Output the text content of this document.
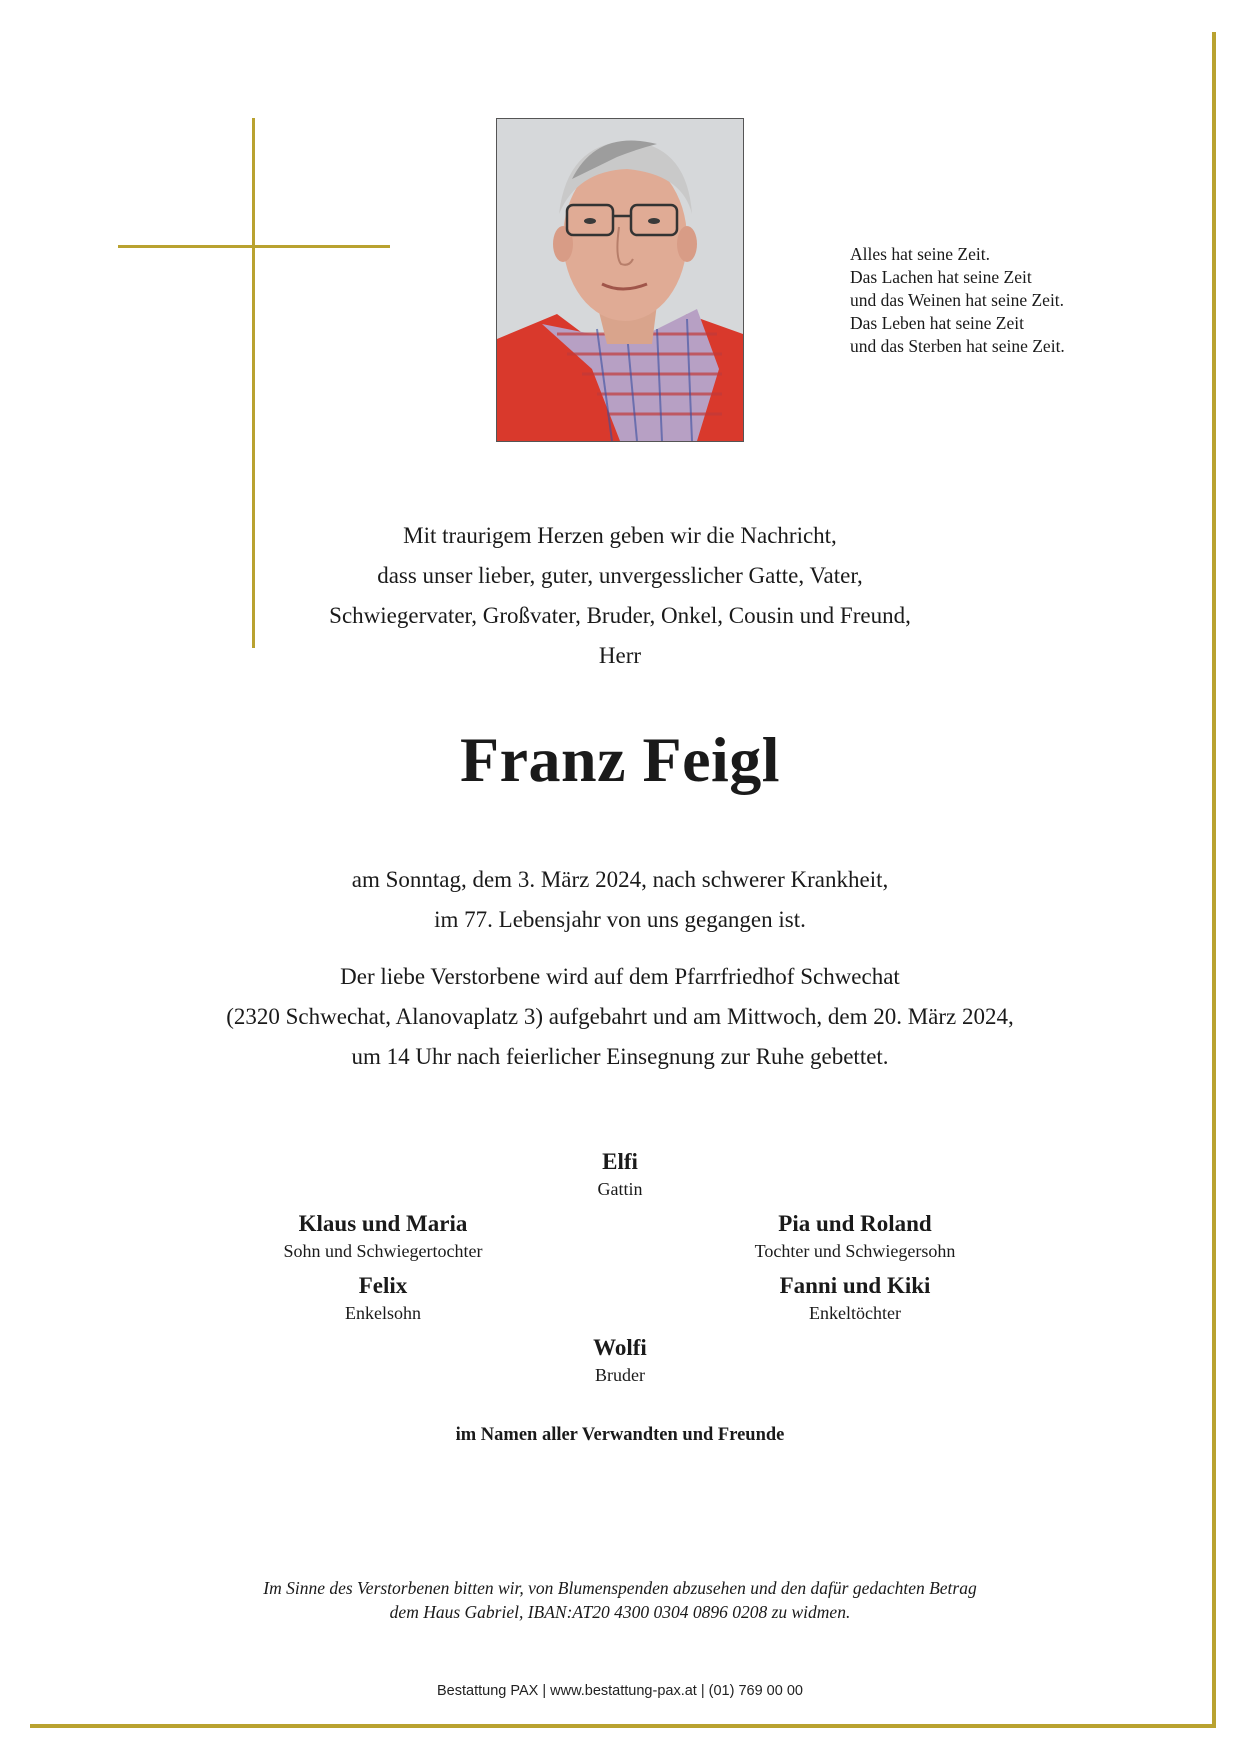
Alles hat seine Zeit.
Das Lachen hat seine Zeit
und das Weinen hat seine Zeit.
Das Leben hat seine Zeit
und das Sterben hat seine Zeit.
Mit traurigem Herzen geben wir die Nachricht,
dass unser lieber, guter, unvergesslicher Gatte, Vater,
Schwiegervater, Großvater, Bruder, Onkel, Cousin und Freund,
Herr
Franz Feigl
am Sonntag, dem 3. März 2024, nach schwerer Krankheit,
im 77. Lebensjahr von uns gegangen ist.
Der liebe Verstorbene wird auf dem Pfarrfriedhof Schwechat
(2320 Schwechat, Alanovaplatz 3) aufgebahrt und am Mittwoch, dem 20. März 2024,
um 14 Uhr nach feierlicher Einsegnung zur Ruhe gebettet.
Elfi
Gattin
Klaus und Maria
Sohn und Schwiegertochter
Pia und Roland
Tochter und Schwiegersohn
Felix
Enkelsohn
Fanni und Kiki
Enkeltöchter
Wolfi
Bruder
im Namen aller Verwandten und Freunde
Im Sinne des Verstorbenen bitten wir, von Blumenspenden abzusehen und den dafür gedachten Betrag
dem Haus Gabriel, IBAN:AT20 4300 0304 0896 0208 zu widmen.
Bestattung PAX | www.bestattung-pax.at | (01) 769 00 00
